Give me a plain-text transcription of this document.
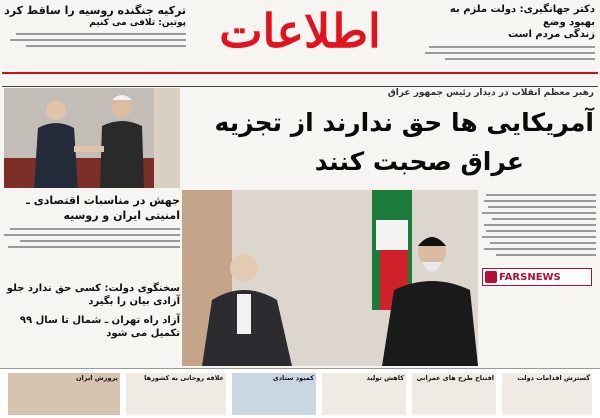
اطلاعات
ترکیه جنگنده روسیه را ساقط کرد
پوتین: تلافی می کنیم
دکتر جهانگیری: دولت ملزم به بهبود وضع
زندگی مردم است
رهبر معظم انقلاب در دیدار رئیس جمهور عراق
آمریکایی ها حق ندارند از تجزیه
عراق صحبت کنند
FARSNEWS
جهش در مناسبات اقتصادی ـ امنیتی ایران و روسیه
سخنگوی دولت: کسی حق ندارد جلو آزادی بیان را بگیرد
آزاد راه تهران ـ شمال تا سال ۹۹ تکمیل می شود
گسترش اقدامات دولت
افتتاح طرح های عمرانی
کاهش تولید
کمبود ستادی
علاقه روحانی به کشورها
پرورش ایران
